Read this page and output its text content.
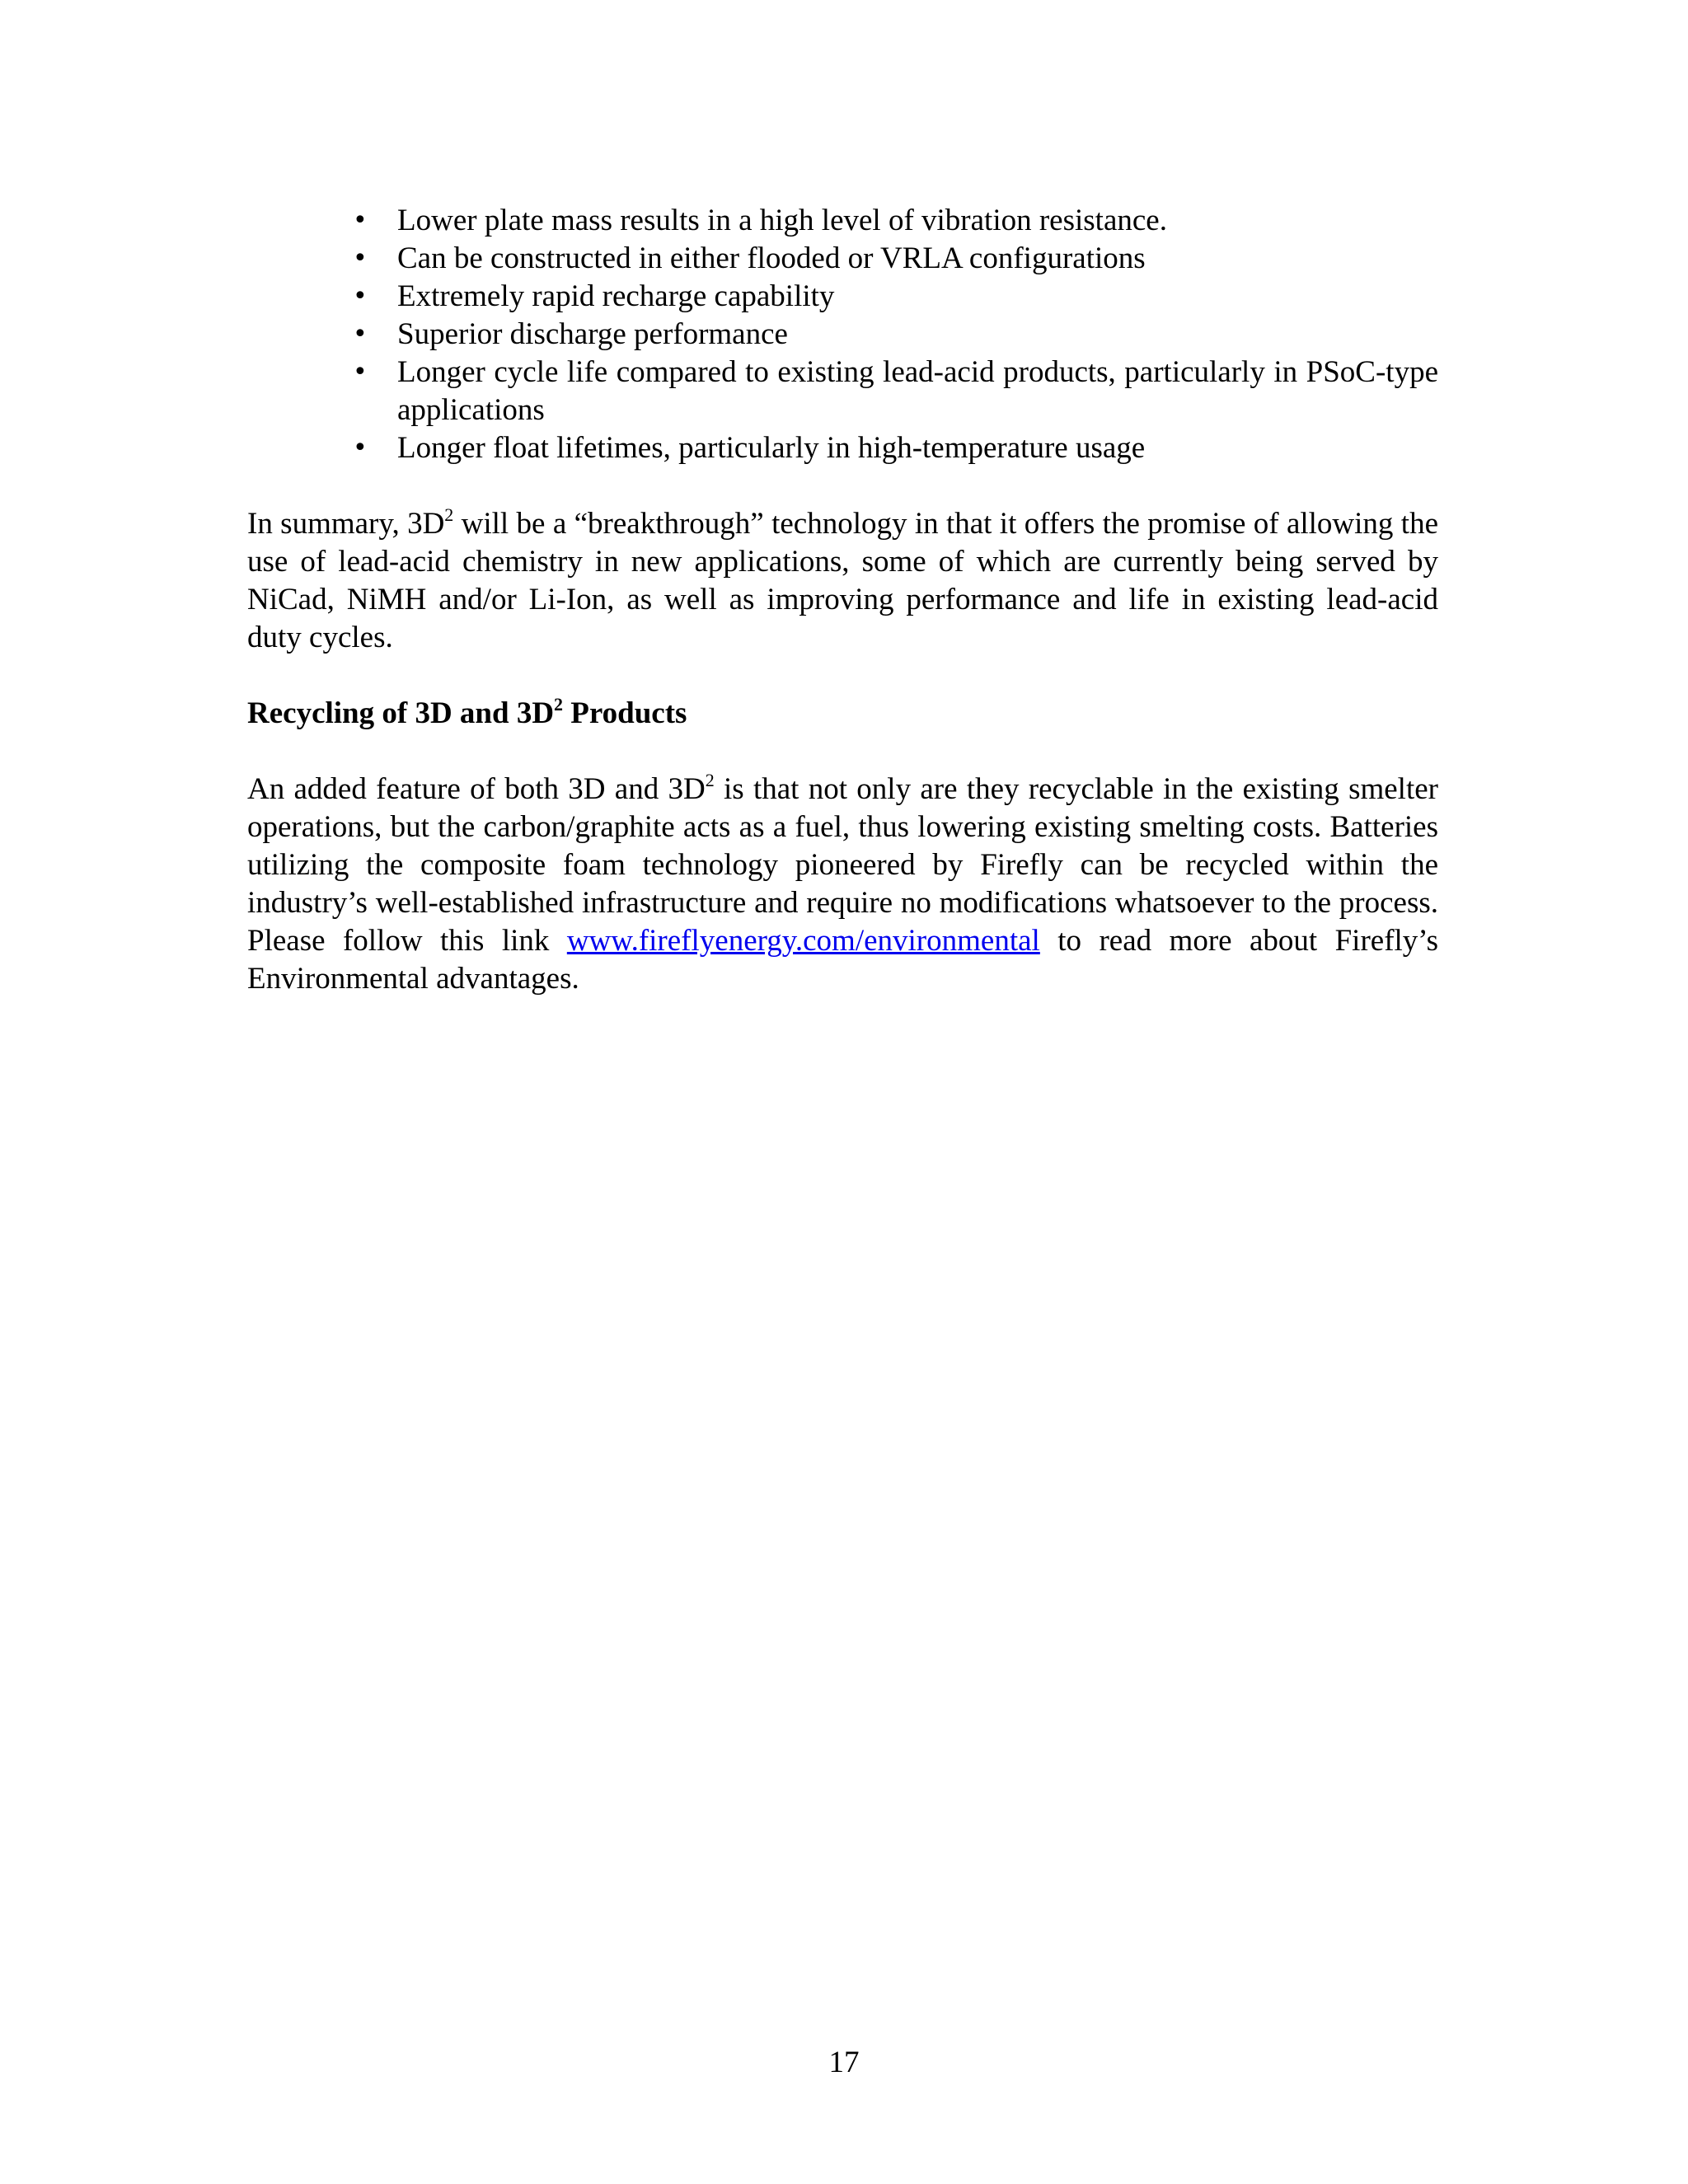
• Lower plate mass results in a high level of vibration resistance.
• Can be constructed in either flooded or VRLA configurations
• Extremely rapid recharge capability
• Superior discharge performance
• Longer cycle life compared to existing lead-acid products, particularly in PSoC-type applications
• Longer float lifetimes, particularly in high-temperature usage

In summary, $3D^2$ will be a “breakthrough” technology in that it offers the promise of allowing the use of lead-acid chemistry in new applications, some of which are currently being served by NiCad, NiMH and/or Li-Ion, as well as improving performance and life in existing lead-acid duty cycles.

Recycling of 3D and $3D^2$ Products

An added feature of both 3D and $3D^2$ is that not only are they recyclable in the existing smelter operations, but the carbon/graphite acts as a fuel, thus lowering existing smelting costs. Batteries utilizing the composite foam technology pioneered by Firefly can be recycled within the industry’s well-established infrastructure and require no modifications whatsoever to the process. Please follow this link www.fireflyenergy.com/environmental to read more about Firefly’s Environmental advantages.

17
